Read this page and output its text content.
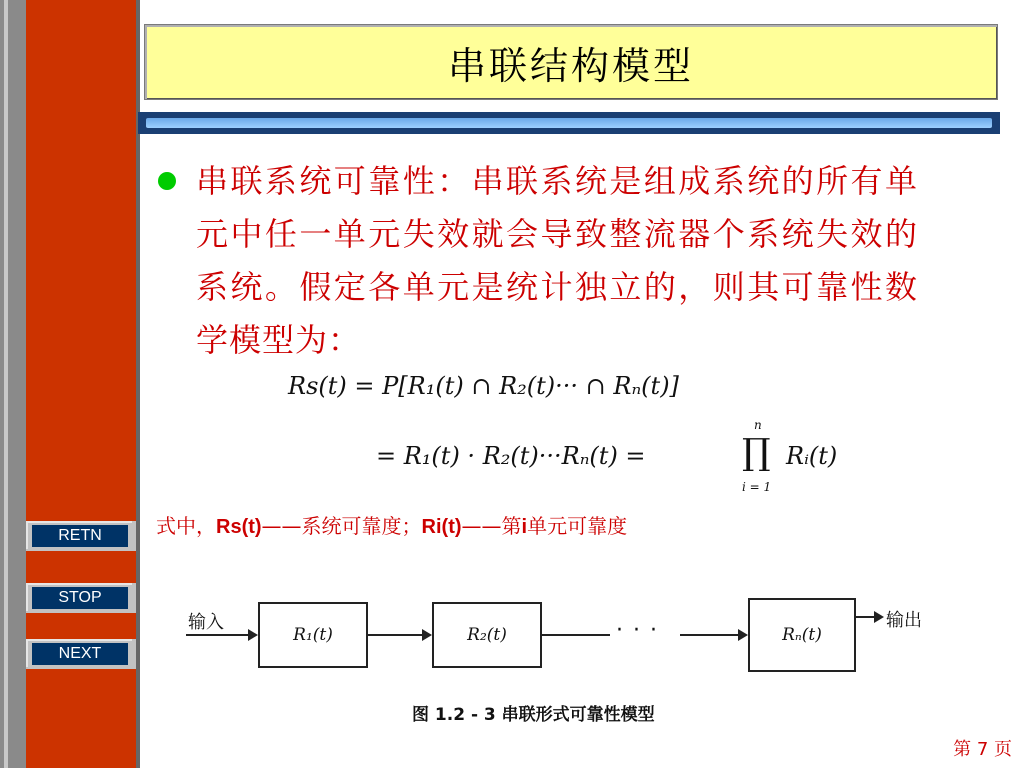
串联结构模型
串联系统可靠性：串联系统是组成系统的所有单元中任一单元失效就会导致整流器个系统失效的系统。假定各单元是统计独立的，则其可靠性数学模型为：
Rs(t) = P[R₁(t) ∩ R₂(t)··· ∩ Rₙ(t)]
= R₁(t) · R₂(t)···Rₙ(t) =
n
∏
i = 1
Rᵢ(t)
式中，Rs(t)——系统可靠度；Ri(t)——第i单元可靠度
RETN
STOP
NEXT
输入
R₁(t)	R₂(t)	···	Rₙ(t)
输出
图 1.2 - 3 串联形式可靠性模型
第 7 页
